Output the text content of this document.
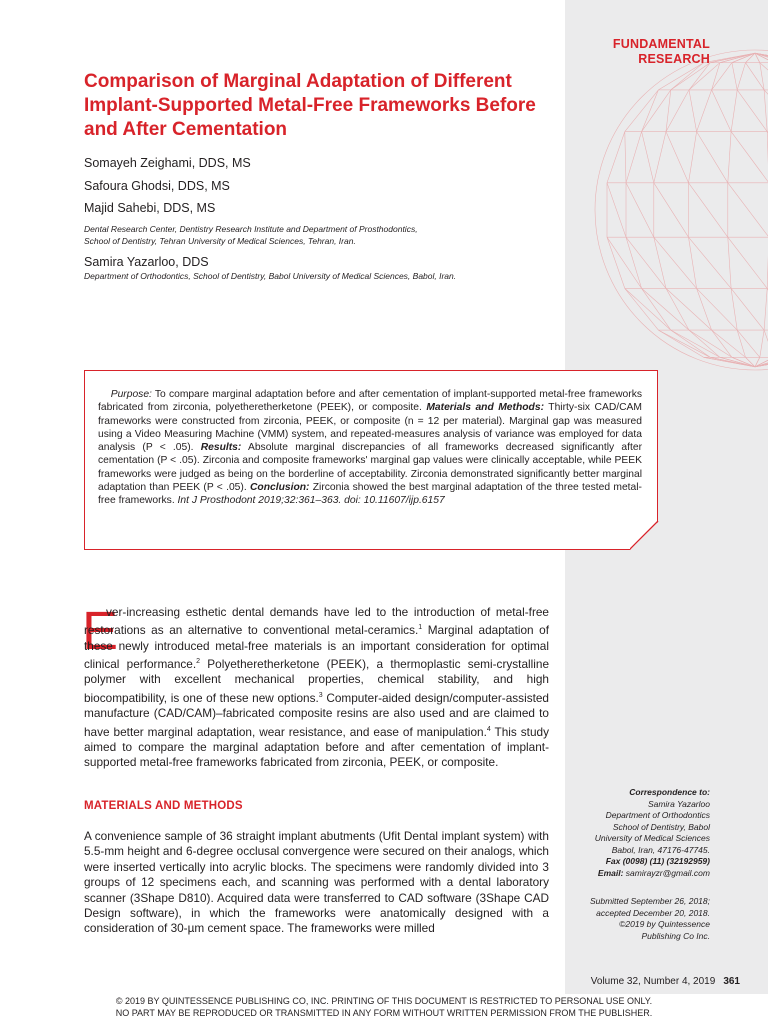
FUNDAMENTAL
RESEARCH
Comparison of Marginal Adaptation of Different Implant-Supported Metal-Free Frameworks Before and After Cementation
Somayeh Zeighami, DDS, MS
Safoura Ghodsi, DDS, MS
Majid Sahebi, DDS, MS
Dental Research Center, Dentistry Research Institute and Department of Prosthodontics,
School of Dentistry, Tehran University of Medical Sciences, Tehran, Iran.
Samira Yazarloo, DDS
Department of Orthodontics, School of Dentistry, Babol University of Medical Sciences, Babol, Iran.
Purpose: To compare marginal adaptation before and after cementation of implant-supported metal-free frameworks fabricated from zirconia, polyetheretherketone (PEEK), or composite. Materials and Methods: Thirty-six CAD/CAM frameworks were constructed from zirconia, PEEK, or composite (n = 12 per material). Marginal gap was measured using a Video Measuring Machine (VMM) system, and repeated-measures analysis of variance was employed for data analysis (P < .05). Results: Absolute marginal discrepancies of all frameworks decreased significantly after cementation (P < .05). Zirconia and composite frameworks' marginal gap values were clinically acceptable, while PEEK frameworks were judged as being on the borderline of acceptability. Zirconia demonstrated significantly better marginal adaptation than PEEK (P < .05). Conclusion: Zirconia showed the best marginal adaptation of the three tested metal-free frameworks. Int J Prosthodont 2019;32:361–363. doi: 10.11607/ijp.6157
E
ver-increasing esthetic dental demands have led to the introduction of metal-free restorations as an alternative to conventional metal-ceramics.$^1$ Marginal adaptation of these newly introduced metal-free materials is an important consideration for optimal clinical performance.$^2$ Polyetheretherketone (PEEK), a thermoplastic semi-crystalline polymer with excellent mechanical properties, chemical stability, and high biocompatibility, is one of these new options.$^3$ Computer-aided design/computer-assisted manufacture (CAD/CAM)–fabricated composite resins are also used and are claimed to have better marginal adaptation, wear resistance, and ease of manipulation.$^4$ This study aimed to compare the marginal adaptation before and after cementation of implant-supported metal-free frameworks fabricated from zirconia, PEEK, or composite.
MATERIALS AND METHODS
A convenience sample of 36 straight implant abutments (Ufit Dental implant system) with 5.5-mm height and 6-degree occlusal convergence were secured on their analogs, which were inserted vertically into acrylic blocks. The specimens were randomly divided into 3 groups of 12 specimens each, and scanning was performed with a dental laboratory scanner (3Shape D810). Acquired data were transferred to CAD software (3Shape CAD Design software), in which the frameworks were anatomically designed with a consideration of 30-µm cement space. The frameworks were milled
Correspondence to:
Samira Yazarloo
Department of Orthodontics
School of Dentistry, Babol
University of Medical Sciences
Babol, Iran, 47176-47745.
Fax (0098) (11) (32192959)
Email: samirayzr@gmail.com
Submitted September 26, 2018;
accepted December 20, 2018.
©2019 by Quintessence
Publishing Co Inc.
Volume 32, Number 4, 2019 361
© 2019 BY QUINTESSENCE PUBLISHING CO, INC. PRINTING OF THIS DOCUMENT IS RESTRICTED TO PERSONAL USE ONLY.
NO PART MAY BE REPRODUCED OR TRANSMITTED IN ANY FORM WITHOUT WRITTEN PERMISSION FROM THE PUBLISHER.
